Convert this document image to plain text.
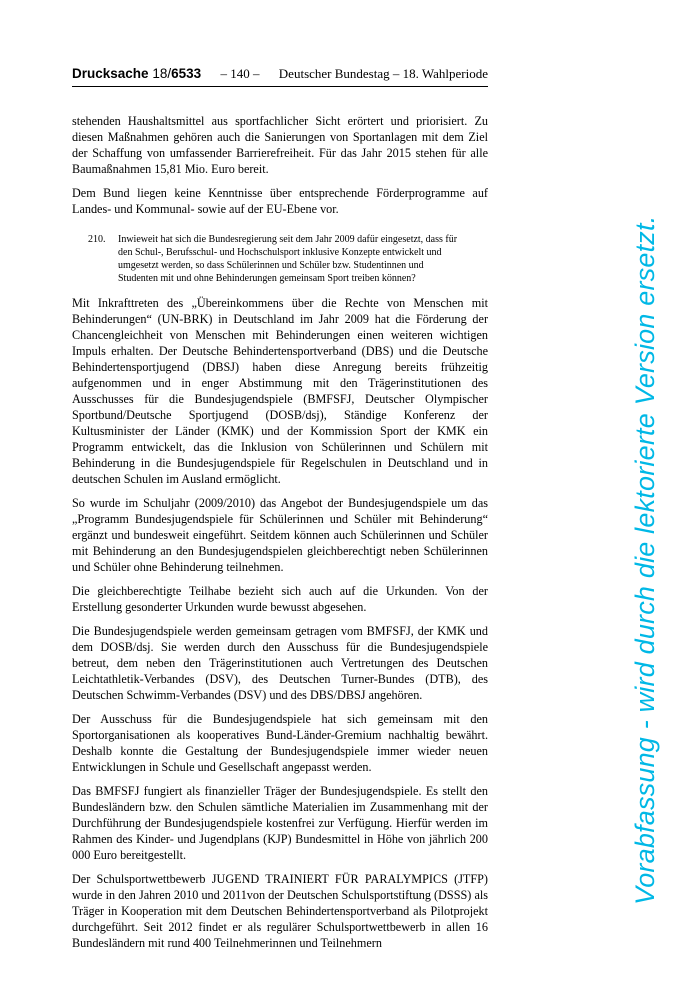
Drucksache 18/6533 – 140 – Deutscher Bundestag – 18. Wahlperiode

stehenden Haushaltsmittel aus sportfachlicher Sicht erörtert und priorisiert. Zu diesen Maßnahmen gehören auch die Sanierungen von Sportanlagen mit dem Ziel der Schaffung von umfassender Barrierefreiheit. Für das Jahr 2015 stehen für alle Baumaßnahmen 15,81 Mio. Euro bereit.

Dem Bund liegen keine Kenntnisse über entsprechende Förderprogramme auf Landes- und Kommunal- sowie auf der EU-Ebene vor.

210.	Inwieweit hat sich die Bundesregierung seit dem Jahr 2009 dafür eingesetzt, dass für den Schul-, Berufsschul- und Hochschulsport inklusive Konzepte entwickelt und umgesetzt werden, so dass Schülerinnen und Schüler bzw. Studentinnen und Studenten mit und ohne Behinderungen gemeinsam Sport treiben können?

Mit Inkrafttreten des „Übereinkommens über die Rechte von Menschen mit Behinderungen“ (UN-BRK) in Deutschland im Jahr 2009 hat die Förderung der Chancengleichheit von Menschen mit Behinderungen einen weiteren wichtigen Impuls erhalten. Der Deutsche Behindertensportverband (DBS) und die Deutsche Behindertensportjugend (DBSJ) haben diese Anregung bereits frühzeitig aufgenommen und in enger Abstimmung mit den Trägerinstitutionen des Ausschusses für die Bundesjugendspiele (BMFSFJ, Deutscher Olympischer Sportbund/Deutsche Sportjugend (DOSB/dsj), Ständige Konferenz der Kultusminister der Länder (KMK) und der Kommission Sport der KMK ein Programm entwickelt, das die Inklusion von Schülerinnen und Schülern mit Behinderung in die Bundesjugendspiele für Regelschulen in Deutschland und in deutschen Schulen im Ausland ermöglicht.

So wurde im Schuljahr (2009/2010) das Angebot der Bundesjugendspiele um das „Programm Bundesjugendspiele für Schülerinnen und Schüler mit Behinderung“ ergänzt und bundesweit eingeführt. Seitdem können auch Schülerinnen und Schüler mit Behinderung an den Bundesjugendspielen gleichberechtigt neben Schülerinnen und Schüler ohne Behinderung teilnehmen.

Die gleichberechtigte Teilhabe bezieht sich auch auf die Urkunden. Von der Erstellung gesonderter Urkunden wurde bewusst abgesehen.

Die Bundesjugendspiele werden gemeinsam getragen vom BMFSFJ, der KMK und dem DOSB/dsj. Sie werden durch den Ausschuss für die Bundesjugendspiele betreut, dem neben den Trägerinstitutionen auch Vertretungen des Deutschen Leichtathletik-Verbandes (DSV), des Deutschen Turner-Bundes (DTB), des Deutschen Schwimm-Verbandes (DSV) und des DBS/DBSJ angehören.

Der Ausschuss für die Bundesjugendspiele hat sich gemeinsam mit den Sportorganisationen als kooperatives Bund-Länder-Gremium nachhaltig bewährt. Deshalb konnte die Gestaltung der Bundesjugendspiele immer wieder neuen Entwicklungen in Schule und Gesellschaft angepasst werden.

Das BMFSFJ fungiert als finanzieller Träger der Bundesjugendspiele. Es stellt den Bundesländern bzw. den Schulen sämtliche Materialien im Zusammenhang mit der Durchführung der Bundesjugendspiele kostenfrei zur Verfügung. Hierfür werden im Rahmen des Kinder- und Jugendplans (KJP) Bundesmittel in Höhe von jährlich 200 000 Euro bereitgestellt.

Der Schulsportwettbewerb JUGEND TRAINIERT FÜR PARALYMPICS (JTFP) wurde in den Jahren 2010 und 2011von der Deutschen Schulsportstiftung (DSSS) als Träger in Kooperation mit dem Deutschen Behindertensportverband als Pilotprojekt durchgeführt. Seit 2012 findet er als regulärer Schulsportwettbewerb in allen 16 Bundesländern mit rund 400 Teilnehmerinnen und Teilnehmern

Vorabfassung - wird durch die lektorierte Version ersetzt.
